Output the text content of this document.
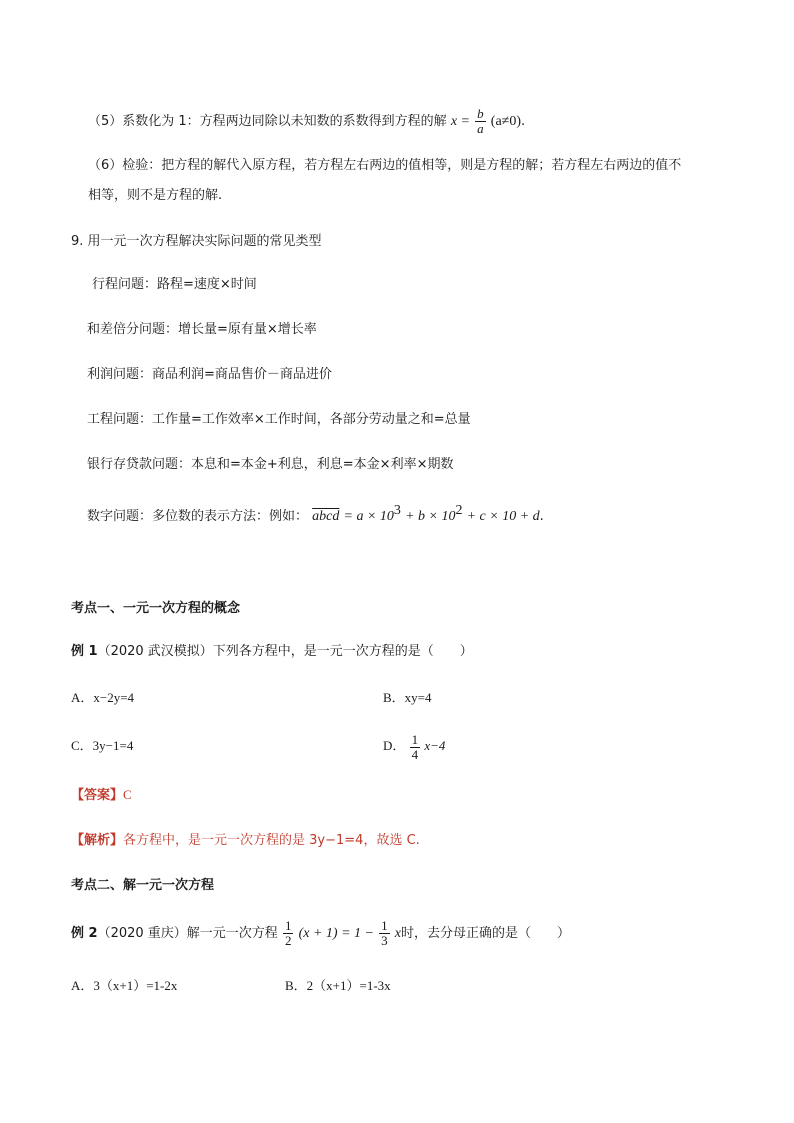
（5）系数化为 1：方程两边同除以未知数的系数得到方程的解 $x = \frac{b}{a} (a\ne 0)$.
（6）检验：把方程的解代入原方程，若方程左右两边的值相等，则是方程的解；若方程左右两边的值不
相等，则不是方程的解.
9. 用一元一次方程解决实际问题的常见类型
行程问题：路程=速度×时间
和差倍分问题：增长量=原有量×增长率
利润问题：商品利润=商品售价－商品进价
工程问题：工作量=工作效率×工作时间，各部分劳动量之和=总量
银行存贷款问题：本息和=本金+利息，利息=本金×利率×期数
数字问题：多位数的表示方法：例如： abcd = $a \times 10^3 + b \times 10^2 + c \times 10 + d$.
考点一、一元一次方程的概念
例 1（2020 武汉模拟）下列各方程中，是一元一次方程的是（　　）
A．x−2y=4	B．xy=4
C．3y−1=4	D． $\frac{1}{4} x-4$
【答案】C
【解析】各方程中，是一元一次方程的是 3y−1=4，故选 C.
考点二、解一元一次方程
例 2（2020 重庆）解一元一次方程 $\frac{1}{2} (x + 1) = 1 - \frac{1}{3}$ x时，去分母正确的是（　　）
A．3（x+1）=1-2x	B．2（x+1）=1-3x
